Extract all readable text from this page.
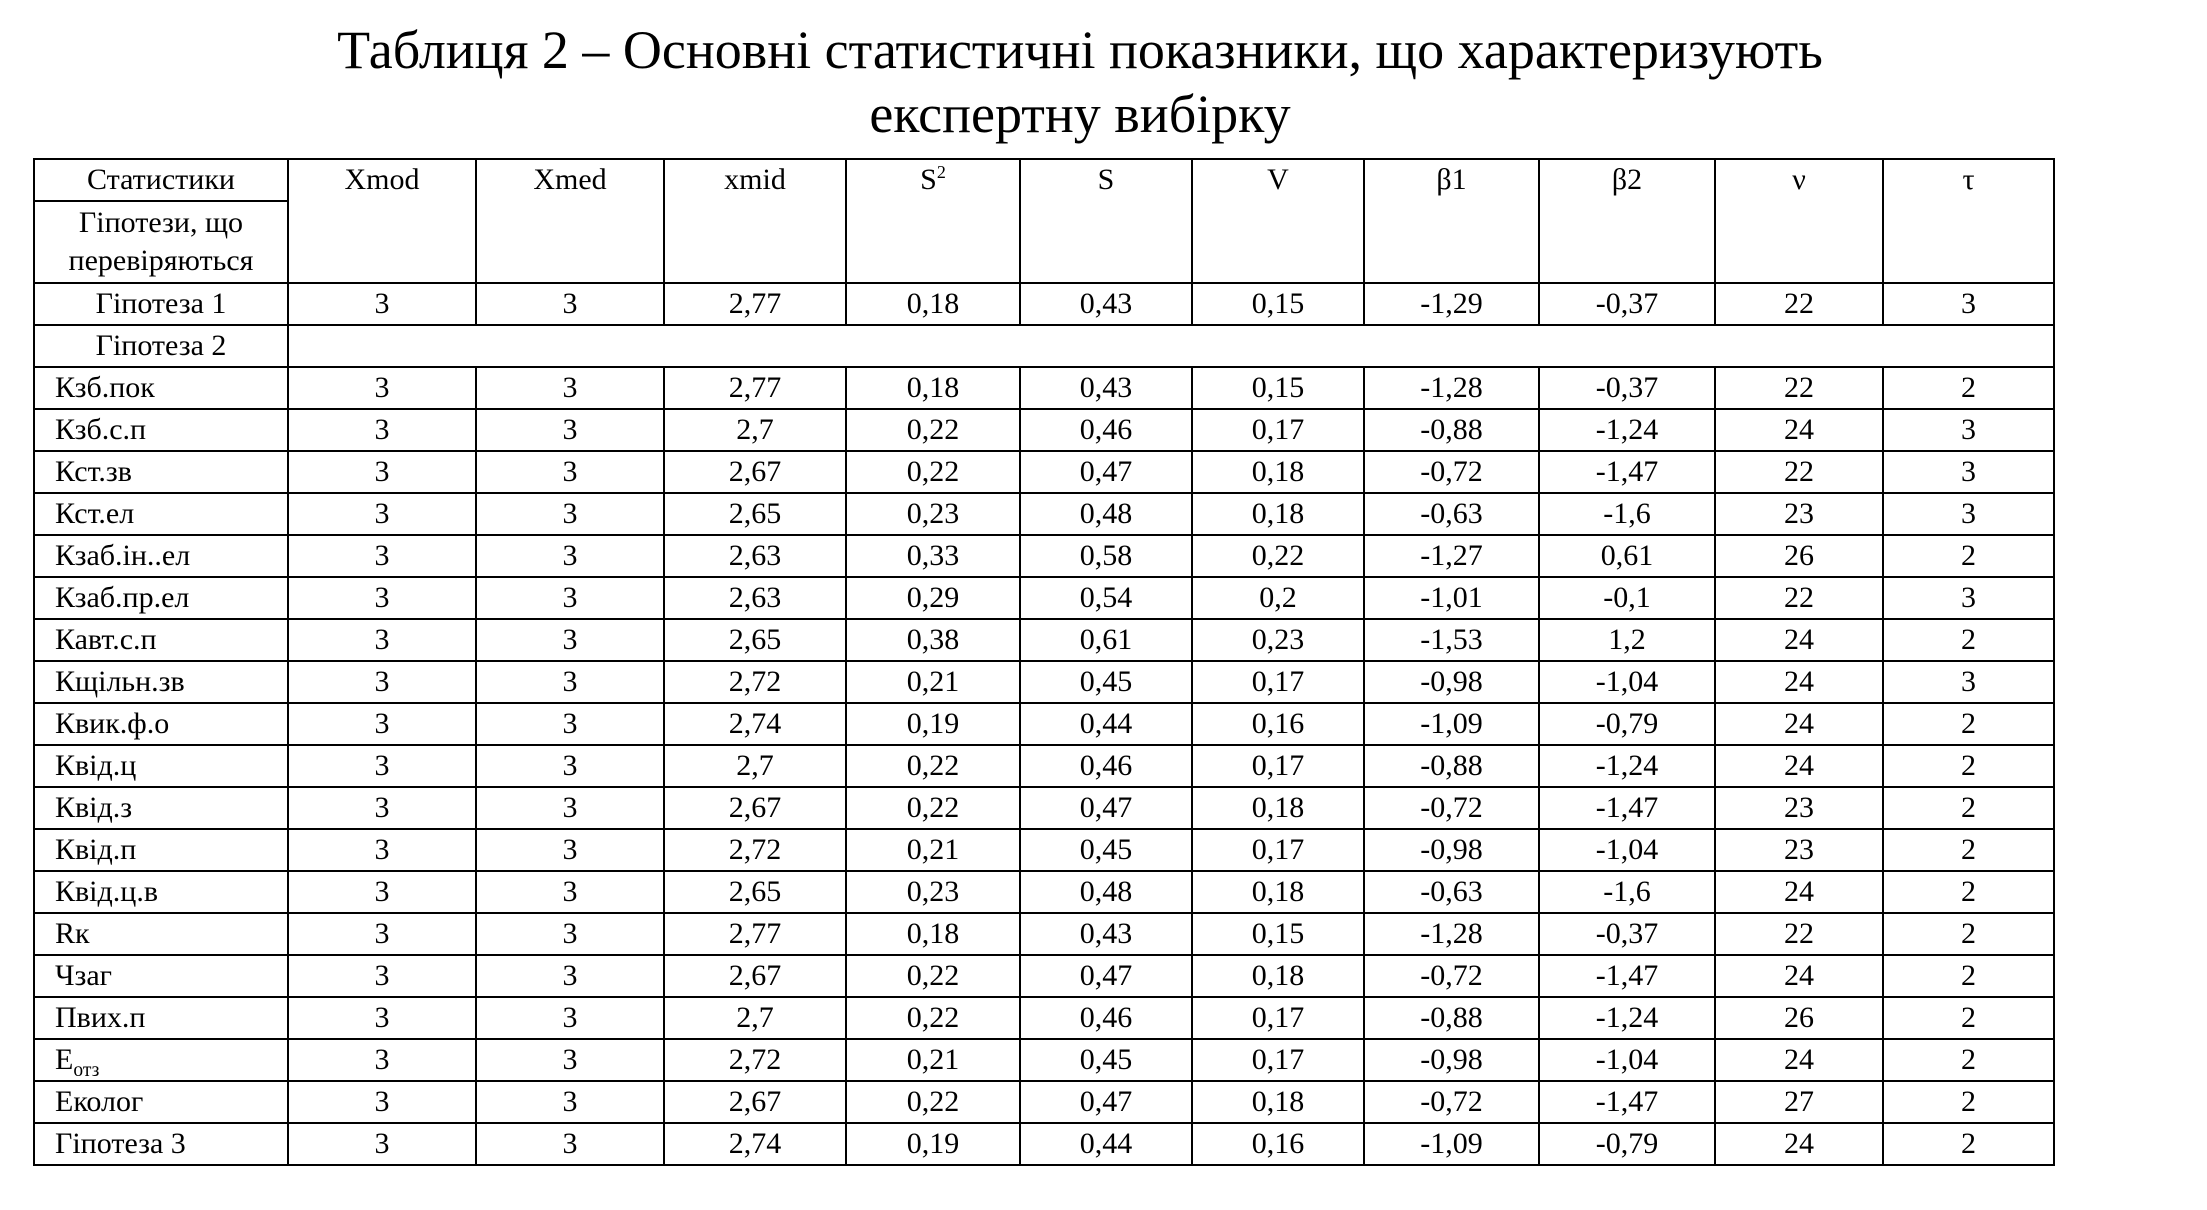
Таблиця 2 – Основні статистичні показники, що характеризують
експертну вибірку
Статистики	Xmod	Xmed	xmid	$S^2$	S	V	β1	β2	ν	τ
Гіпотези, що перевіряються										
Гіпотеза 1	3	3	2,77	0,18	0,43	0,15	-1,29	-0,37	22	3
Гіпотеза 2										
Кзб.пок	3	3	2,77	0,18	0,43	0,15	-1,28	-0,37	22	2
Кзб.с.п	3	3	2,7	0,22	0,46	0,17	-0,88	-1,24	24	3
Кст.зв	3	3	2,67	0,22	0,47	0,18	-0,72	-1,47	22	3
Кст.ел	3	3	2,65	0,23	0,48	0,18	-0,63	-1,6	23	3
Кзаб.ін..ел	3	3	2,63	0,33	0,58	0,22	-1,27	0,61	26	2
Кзаб.пр.ел	3	3	2,63	0,29	0,54	0,2	-1,01	-0,1	22	3
Кавт.с.п	3	3	2,65	0,38	0,61	0,23	-1,53	1,2	24	2
Кщільн.зв	3	3	2,72	0,21	0,45	0,17	-0,98	-1,04	24	3
Квик.ф.о	3	3	2,74	0,19	0,44	0,16	-1,09	-0,79	24	2
Квід.ц	3	3	2,7	0,22	0,46	0,17	-0,88	-1,24	24	2
Квід.з	3	3	2,67	0,22	0,47	0,18	-0,72	-1,47	23	2
Квід.п	3	3	2,72	0,21	0,45	0,17	-0,98	-1,04	23	2
Квід.ц.в	3	3	2,65	0,23	0,48	0,18	-0,63	-1,6	24	2
Rк	3	3	2,77	0,18	0,43	0,15	-1,28	-0,37	22	2
Чзаг	3	3	2,67	0,22	0,47	0,18	-0,72	-1,47	24	2
Пвих.п	3	3	2,7	0,22	0,46	0,17	-0,88	-1,24	26	2
$Е_{отз}$	3	3	2,72	0,21	0,45	0,17	-0,98	-1,04	24	2
Еколог	3	3	2,67	0,22	0,47	0,18	-0,72	-1,47	27	2
Гіпотеза 3	3	3	2,74	0,19	0,44	0,16	-1,09	-0,79	24	2
